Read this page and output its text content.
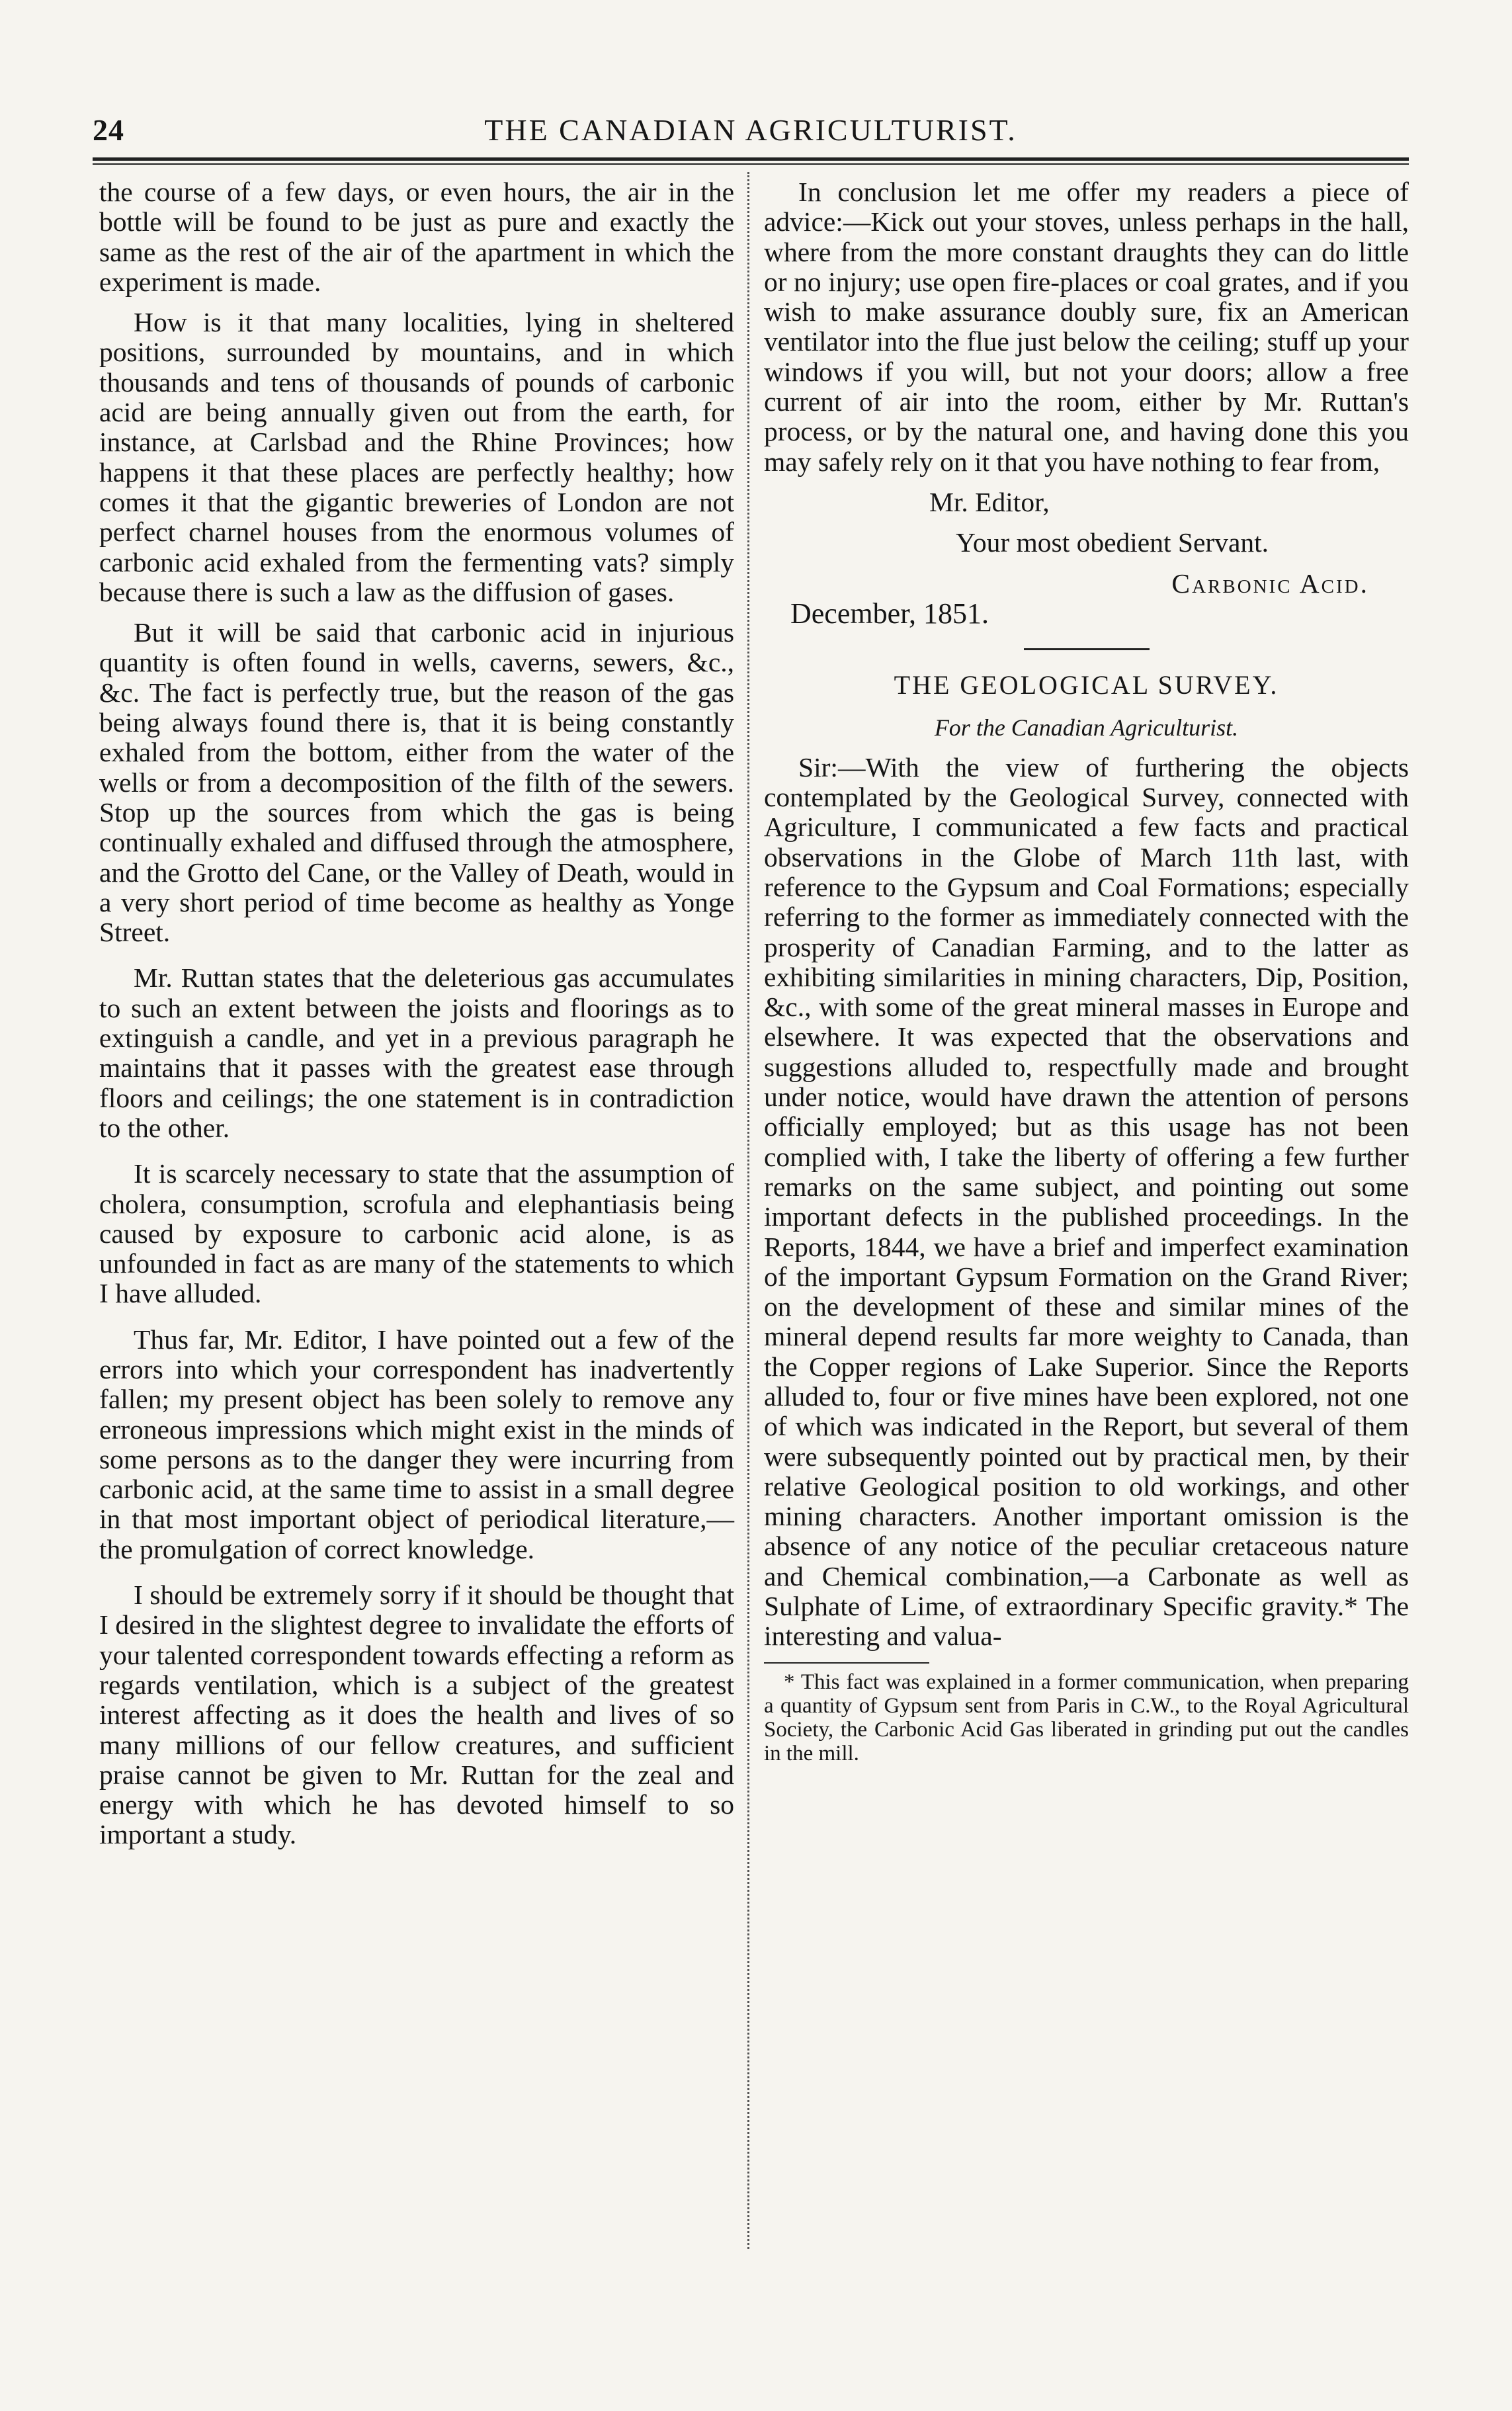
24	THE CANADIAN AGRICULTURIST.

the course of a few days, or even hours, the air in the bottle will be found to be just as pure and exactly the same as the rest of the air of the apartment in which the experiment is made.

How is it that many localities, lying in sheltered positions, surrounded by mountains, and in which thousands and tens of thousands of pounds of carbonic acid are being annually given out from the earth, for instance, at Carlsbad and the Rhine Provinces; how happens it that these places are perfectly healthy; how comes it that the gigantic breweries of London are not perfect charnel houses from the enormous volumes of carbonic acid exhaled from the fermenting vats? simply because there is such a law as the diffusion of gases.

But it will be said that carbonic acid in injurious quantity is often found in wells, caverns, sewers, &c., &c. The fact is perfectly true, but the reason of the gas being always found there is, that it is being constantly exhaled from the bottom, either from the water of the wells or from a decomposition of the filth of the sewers. Stop up the sources from which the gas is being continually exhaled and diffused through the atmosphere, and the Grotto del Cane, or the Valley of Death, would in a very short period of time become as healthy as Yonge Street.

Mr. Ruttan states that the deleterious gas accumulates to such an extent between the joists and floorings as to extinguish a candle, and yet in a previous paragraph he maintains that it passes with the greatest ease through floors and ceilings; the one statement is in contradiction to the other.

It is scarcely necessary to state that the assumption of cholera, consumption, scrofula and elephantiasis being caused by exposure to carbonic acid alone, is as unfounded in fact as are many of the statements to which I have alluded.

Thus far, Mr. Editor, I have pointed out a few of the errors into which your correspondent has inadvertently fallen; my present object has been solely to remove any erroneous impressions which might exist in the minds of some persons as to the danger they were incurring from carbonic acid, at the same time to assist in a small degree in that most important object of periodical literature,—the promulgation of correct knowledge.

I should be extremely sorry if it should be thought that I desired in the slightest degree to invalidate the efforts of your talented correspondent towards effecting a reform as regards ventilation, which is a subject of the greatest interest affecting as it does the health and lives of so many millions of our fellow creatures, and sufficient praise cannot be given to Mr. Ruttan for the zeal and energy with which he has devoted himself to so important a study.

In conclusion let me offer my readers a piece of advice:—Kick out your stoves, unless perhaps in the hall, where from the more constant draughts they can do little or no injury; use open fire-places or coal grates, and if you wish to make assurance doubly sure, fix an American ventilator into the flue just below the ceiling; stuff up your windows if you will, but not your doors; allow a free current of air into the room, either by Mr. Ruttan's process, or by the natural one, and having done this you may safely rely on it that you have nothing to fear from,

Mr. Editor,

Your most obedient Servant.

Carbonic Acid.

December, 1851.

THE GEOLOGICAL SURVEY.

For the Canadian Agriculturist.

Sir:—With the view of furthering the objects contemplated by the Geological Survey, connected with Agriculture, I communicated a few facts and practical observations in the Globe of March 11th last, with reference to the Gypsum and Coal Formations; especially referring to the former as immediately connected with the prosperity of Canadian Farming, and to the latter as exhibiting similarities in mining characters, Dip, Position, &c., with some of the great mineral masses in Europe and elsewhere. It was expected that the observations and suggestions alluded to, respectfully made and brought under notice, would have drawn the attention of persons officially employed; but as this usage has not been complied with, I take the liberty of offering a few further remarks on the same subject, and pointing out some important defects in the published proceedings. In the Reports, 1844, we have a brief and imperfect examination of the important Gypsum Formation on the Grand River; on the development of these and similar mines of the mineral depend results far more weighty to Canada, than the Copper regions of Lake Superior. Since the Reports alluded to, four or five mines have been explored, not one of which was indicated in the Report, but several of them were subsequently pointed out by practical men, by their relative Geological position to old workings, and other mining characters. Another important omission is the absence of any notice of the peculiar cretaceous nature and Chemical combination,—a Carbonate as well as Sulphate of Lime, of extraordinary Specific gravity.* The interesting and valua-

* This fact was explained in a former communication, when preparing a quantity of Gypsum sent from Paris in C.W., to the Royal Agricultural Society, the Carbonic Acid Gas liberated in grinding put out the candles in the mill.
